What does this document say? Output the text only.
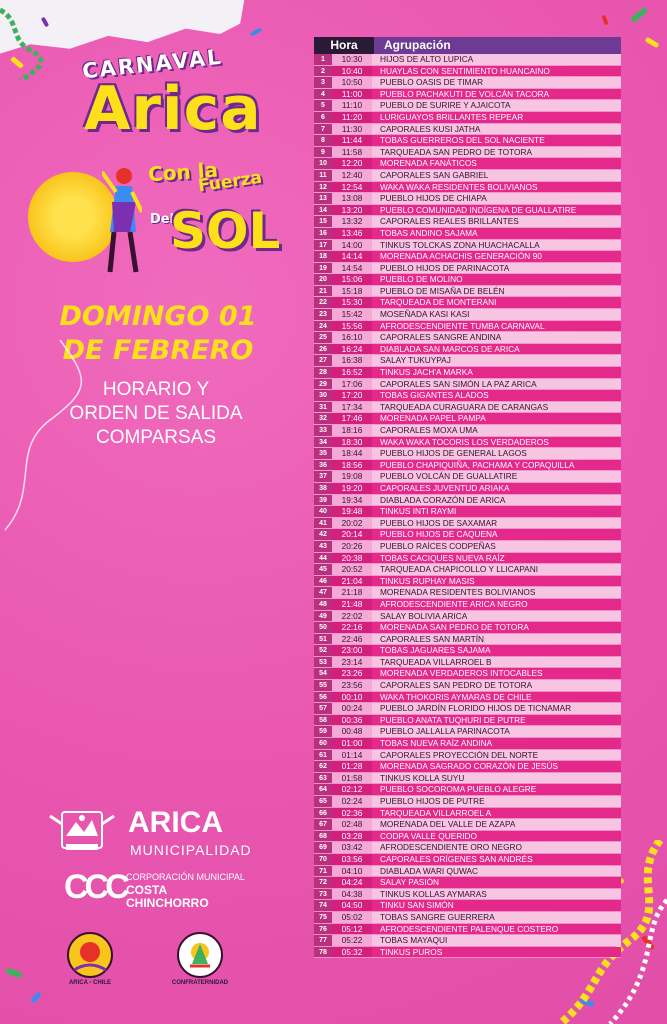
CARNAVAL
Arica
Con la
Fuerza
Del
SOL
DOMINGO 01
DE FEBRERO
HORARIO Y
ORDEN DE SALIDA
COMPARSAS
ARICA
MUNICIPALIDAD
CCC CORPORACIÓN MUNICIPAL
COSTA
CHINCHORRO
ARICA - CHILE	CONFRATERNIDAD
Hora	Agrupación
1	10:30	HIJOS DE ALTO LUPICA
2	10:40	HUAYLAS CON SENTIMIENTO HUANCAINO
3	10:50	PUEBLO OASIS DE TIMAR
4	11:00	PUEBLO PACHAKUTI DE VOLCÁN TACORA
5	11:10	PUEBLO DE SURIRE Y AJAICOTA
6	11:20	LURIGUAYOS BRILLANTES REPEAR
7	11:30	CAPORALES KUSI JATHA
8	11:44	TOBAS GUERREROS DEL SOL NACIENTE
9	11:58	TARQUEADA SAN PEDRO DE TOTORA
10	12:20	MORENADA FANÁTICOS
11	12:40	CAPORALES SAN GABRIEL
12	12:54	WAKA WAKA RESIDENTES BOLIVIANOS
13	13:08	PUEBLO HIJOS DE CHIAPA
14	13:20	PUEBLO COMUNIDAD INDÍGENA DE GUALLATIRE
15	13:32	CAPORALES REALES BRILLANTES
16	13:46	TOBAS ANDINO SAJAMA
17	14:00	TINKUS TOLCKAS ZONA HUACHACALLA
18	14:14	MORENADA ACHACHIS GENERACIÓN 90
19	14:54	PUEBLO HIJOS DE PARINACOTA
20	15:06	PUEBLO DE MOLINO
21	15:18	PUEBLO DE MISAÑA DE BELÉN
22	15:30	TARQUEADA DE MONTERANI
23	15:42	MOSEÑADA KASI KASI
24	15:56	AFRODESCENDIENTE TUMBA CARNAVAL
25	16:10	CAPORALES SANGRE ANDINA
26	16:24	DIABLADA SAN MARCOS DE ARICA
27	16:38	SALAY TUKUYPAJ
28	16:52	TINKUS JACH'A MARKA
29	17:06	CAPORALES SAN SIMÓN LA PAZ ARICA
30	17:20	TOBAS GIGANTES ALADOS
31	17:34	TARQUEADA CURAGUARA DE CARANGAS
32	17:46	MORENADA PAPEL PAMPA
33	18:16	CAPORALES MOXA UMA
34	18:30	WAKA WAKA TOCORIS LOS VERDADEROS
35	18:44	PUEBLO HIJOS DE GENERAL LAGOS
36	18:56	PUEBLO CHAPIQUIÑA, PACHAMA Y COPAQUILLA
37	19:08	PUEBLO VOLCÁN DE GUALLATIRE
38	19:20	CAPORALES JUVENTUD ARIAKA
39	19:34	DIABLADA CORAZÓN DE ARICA
40	19:48	TINKUS INTI RAYMI
41	20:02	PUEBLO HIJOS DE SAXAMAR
42	20:14	PUEBLO HIJOS DE CAQUENA
43	20:26	PUEBLO RAÍCES CODPEÑAS
44	20:38	TOBAS CACIQUES NUEVA RAÍZ
45	20:52	TARQUEADA CHAPICOLLO Y LLICAPANI
46	21:04	TINKUS RUPHAY MASIS
47	21:18	MORENADA RESIDENTES BOLIVIANOS
48	21:48	AFRODESCENDIENTE ARICA NEGRO
49	22:02	SALAY BOLIVIA ARICA
50	22:16	MORENADA SAN PEDRO DE TOTORA
51	22:46	CAPORALES SAN MARTÍN
52	23:00	TOBAS JAGUARES SAJAMA
53	23:14	TARQUEADA VILLARROEL B
54	23:26	MORENADA VERDADEROS INTOCABLES
55	23:56	CAPORALES SAN PEDRO DE TOTORA
56	00:10	WAKA THOKORIS AYMARAS DE CHILE
57	00:24	PUEBLO JARDÍN FLORIDO HIJOS DE TICNAMAR
58	00:36	PUEBLO ANATA TUQHURI DE PUTRE
59	00:48	PUEBLO JALLALLA PARINACOTA
60	01:00	TOBAS NUEVA RAÍZ ANDINA
61	01:14	CAPORALES PROYECCIÓN DEL NORTE
62	01:28	MORENADA SAGRADO CORAZÓN DE JESÚS
63	01:58	TINKUS KOLLA SUYU
64	02:12	PUEBLO SOCOROMA PUEBLO ALEGRE
65	02:24	PUEBLO HIJOS DE PUTRE
66	02:36	TARQUEADA VILLARROEL A
67	02:48	MORENADA DEL VALLE DE AZAPA
68	03:28	CODPA VALLE QUERIDO
69	03:42	AFRODESCENDIENTE ORO NEGRO
70	03:56	CAPORALES ORÍGENES SAN ANDRÉS
71	04:10	DIABLADA WARI QUWAC
72	04:24	SALAY PASIÓN
73	04:38	TINKUS KOLLAS AYMARAS
74	04:50	TINKU SAN SIMÓN
75	05:02	TOBAS SANGRE GUERRERA
76	05:12	AFRODESCENDIENTE PALENQUE COSTERO
77	05:22	TOBAS MAYAQUI
78	05:32	TINKUS PUROS
